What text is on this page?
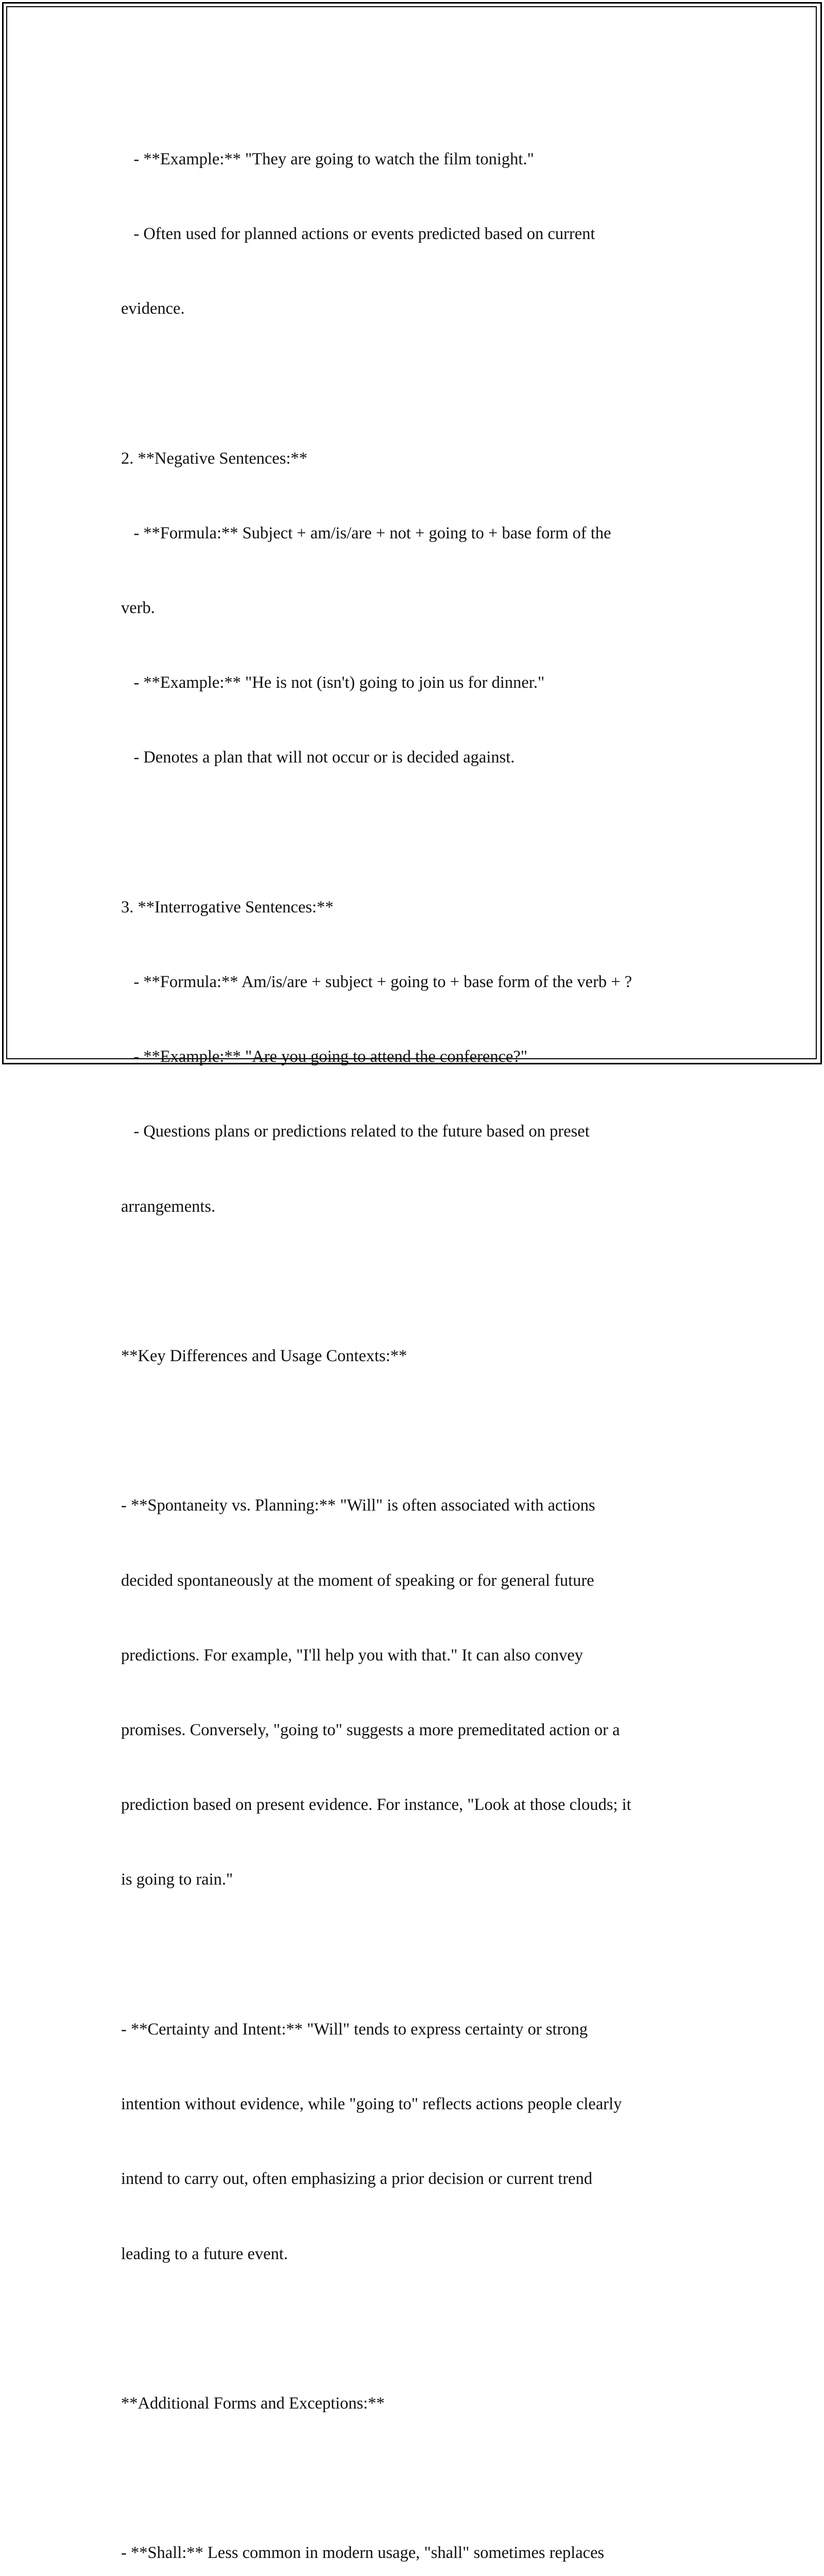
- **Example:** "They are going to watch the film tonight."

- Often used for planned actions or events predicted based on current

evidence.

2. **Negative Sentences:**

- **Formula:** Subject + am/is/are + not + going to + base form of the

verb.

- **Example:** "He is not (isn't) going to join us for dinner."

- Denotes a plan that will not occur or is decided against.

3. **Interrogative Sentences:**

- **Formula:** Am/is/are + subject + going to + base form of the verb + ?

- **Example:** "Are you going to attend the conference?"

- Questions plans or predictions related to the future based on preset

arrangements.

**Key Differences and Usage Contexts:**

- **Spontaneity vs. Planning:** "Will" is often associated with actions

decided spontaneously at the moment of speaking or for general future

predictions. For example, "I'll help you with that." It can also convey

promises. Conversely, "going to" suggests a more premeditated action or a

prediction based on present evidence. For instance, "Look at those clouds; it

is going to rain."

- **Certainty and Intent:** "Will" tends to express certainty or strong

intention without evidence, while "going to" reflects actions people clearly

intend to carry out, often emphasizing a prior decision or current trend

leading to a future event.

**Additional Forms and Exceptions:**

- **Shall:** Less common in modern usage, "shall" sometimes replaces
